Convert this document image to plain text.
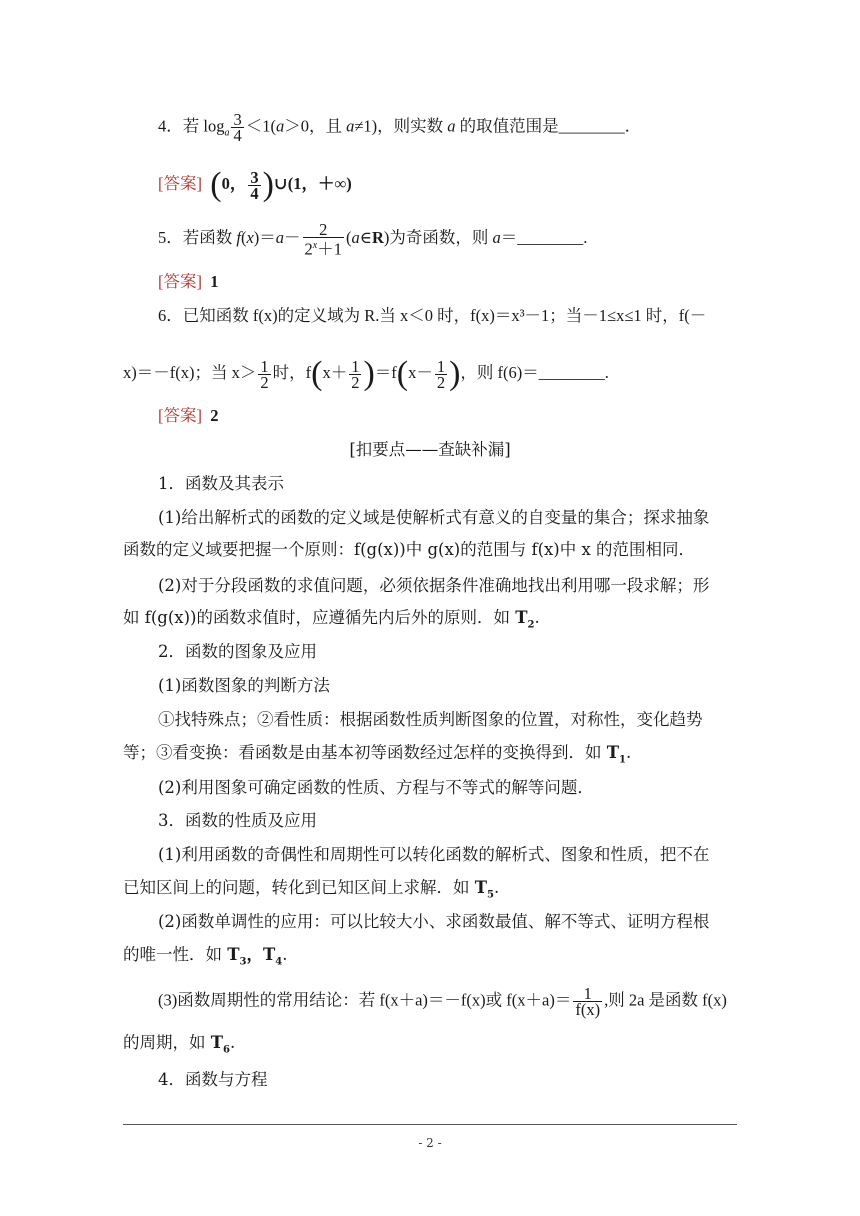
4．若 $\log_a \frac{3}{4} <1(a>0$，且 a≠1)，则实数 a 的取值范围是________．
[答案] (0， $\frac{3}{4}$ )∪(1，＋∞)
5．若函数 $f(x)=a- \frac{2}{2^x+1}$ (a∈R)为奇函数，则 a＝________.
[答案] 1
6．已知函数 f(x)的定义域为 R.当 x＜0 时，f(x)＝x³－1；当－1≤x≤1 时，f(－
x)＝－f(x)；当 $x> \frac{1}{2}$ 时，$f(x+ \frac{1}{2} )=f(x- \frac{1}{2}$ )，则 f(6)＝________.
[答案] 2
[扣要点——查缺补漏]
1．函数及其表示
(1)给出解析式的函数的定义域是使解析式有意义的自变量的集合；探求抽象
函数的定义域要把握一个原则：f(g(x))中 g(x)的范围与 f(x)中 x 的范围相同．
(2)对于分段函数的求值问题，必须依据条件准确地找出利用哪一段求解；形
如 f(g(x))的函数求值时，应遵循先内后外的原则．如 $T_2$.
2．函数的图象及应用
(1)函数图象的判断方法
①找特殊点；②看性质：根据函数性质判断图象的位置，对称性，变化趋势
等；③看变换：看函数是由基本初等函数经过怎样的变换得到．如 $T_1$.
(2)利用图象可确定函数的性质、方程与不等式的解等问题．
3．函数的性质及应用
(1)利用函数的奇偶性和周期性可以转化函数的解析式、图象和性质，把不在
已知区间上的问题，转化到已知区间上求解．如 $T_5$.
(2)函数单调性的应用：可以比较大小、求函数最值、解不等式、证明方程根
的唯一性．如 $T_3$，$T_4$.
(3)函数周期性的常用结论：若 f(x＋a)＝－f(x)或 $f(x+a)= \frac{1}{f(x)}$ ,则 2a 是函数 f(x)
的周期，如 $T_6$.
4．函数与方程
- 2 -
